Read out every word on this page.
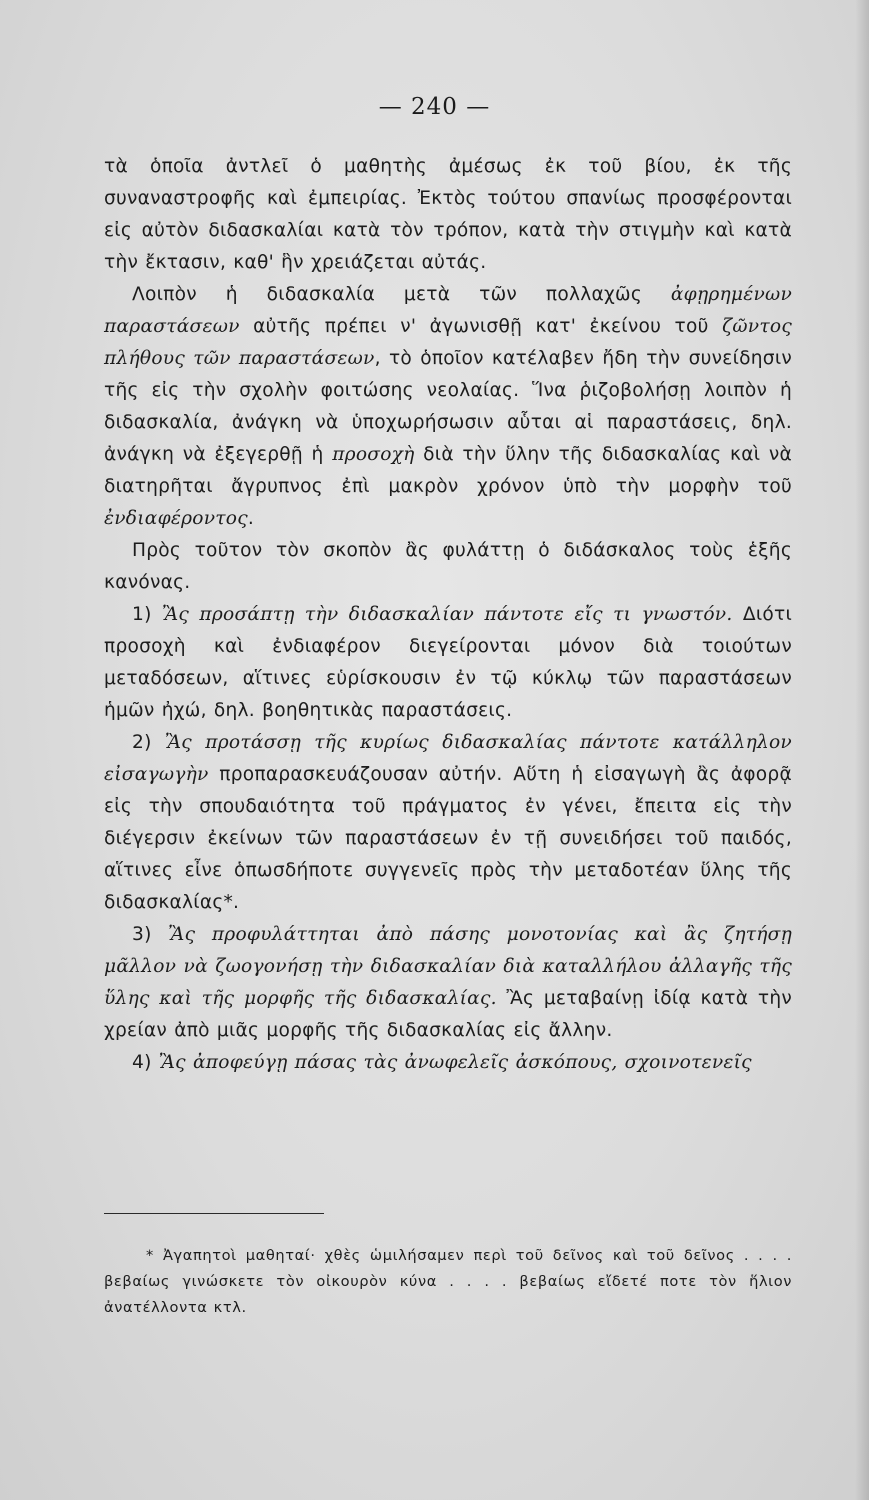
— 240 —

τὰ ὁποῖα ἀντλεῖ ὁ μαθητὴς ἀμέσως ἐκ τοῦ βίου, ἐκ τῆς συναναστροφῆς καὶ ἐμπειρίας. Ἐκτὸς τούτου σπανίως προσφέρονται εἰς αὐτὸν διδασκαλίαι κατὰ τὸν τρόπον, κατὰ τὴν στιγμὴν καὶ κατὰ τὴν ἔκτασιν, καθ' ἣν χρειάζεται αὐτάς.

Λοιπὸν ἡ διδασκαλία μετὰ τῶν πολλαχῶς ἀφῃρημένων παραστάσεων αὐτῆς πρέπει ν' ἀγωνισθῇ κατ' ἐκείνου τοῦ ζῶντος πλήθους τῶν παραστάσεων, τὸ ὁποῖον κατέλαβεν ἤδη τὴν συνείδησιν τῆς εἰς τὴν σχολὴν φοιτώσης νεολαίας. Ἵνα ῥιζοβολήσῃ λοιπὸν ἡ διδασκαλία, ἀνάγκη νὰ ὑποχωρήσωσιν αὗται αἱ παραστάσεις, δηλ. ἀνάγκη νὰ ἐξεγερθῇ ἡ προσοχὴ διὰ τὴν ὕλην τῆς διδασκαλίας καὶ νὰ διατηρῆται ἄγρυπνος ἐπὶ μακρὸν χρόνον ὑπὸ τὴν μορφὴν τοῦ ἐνδιαφέροντος.

Πρὸς τοῦτον τὸν σκοπὸν ἂς φυλάττῃ ὁ διδάσκαλος τοὺς ἑξῆς κανόνας.

1) Ἂς προσάπτῃ τὴν διδασκαλίαν πάντοτε εἴς τι γνωστόν. Διότι προσοχὴ καὶ ἐνδιαφέρον διεγείρονται μόνον διὰ τοιούτων μεταδόσεων, αἵτινες εὑρίσκουσιν ἐν τῷ κύκλῳ τῶν παραστάσεων ἡμῶν ἠχώ, δηλ. βοηθητικὰς παραστάσεις.

2) Ἂς προτάσσῃ τῆς κυρίως διδασκαλίας πάντοτε κατάλληλον εἰσαγωγὴν προπαρασκευάζουσαν αὐτήν. Αὕτη ἡ εἰσαγωγὴ ἂς ἀφορᾷ εἰς τὴν σπουδαιότητα τοῦ πράγματος ἐν γένει, ἔπειτα εἰς τὴν διέγερσιν ἐκείνων τῶν παραστάσεων ἐν τῇ συνειδήσει τοῦ παιδός, αἵτινες εἶνε ὁπωσδήποτε συγγενεῖς πρὸς τὴν μεταδοτέαν ὕλης τῆς διδασκαλίας*.

3) Ἂς προφυλάττηται ἀπὸ πάσης μονοτονίας καὶ ἂς ζητήσῃ μᾶλλον νὰ ζωογονήσῃ τὴν διδασκαλίαν διὰ καταλλήλου ἀλλαγῆς τῆς ὕλης καὶ τῆς μορφῆς τῆς διδασκαλίας. Ἂς μεταβαίνῃ ἰδίᾳ κατὰ τὴν χρείαν ἀπὸ μιᾶς μορφῆς τῆς διδασκαλίας εἰς ἄλλην.

4) Ἂς ἀποφεύγῃ πάσας τὰς ἀνωφελεῖς ἀσκόπους, σχοινοτενεῖς

* Ἀγαπητοὶ μαθηταί· χθὲς ὡμιλήσαμεν περὶ τοῦ δεῖνος καὶ τοῦ δεῖνος . . . . βεβαίως γινώσκετε τὸν οἰκουρὸν κύνα . . . . βεβαίως εἴδετέ ποτε τὸν ἥλιον ἀνατέλλοντα κτλ.
